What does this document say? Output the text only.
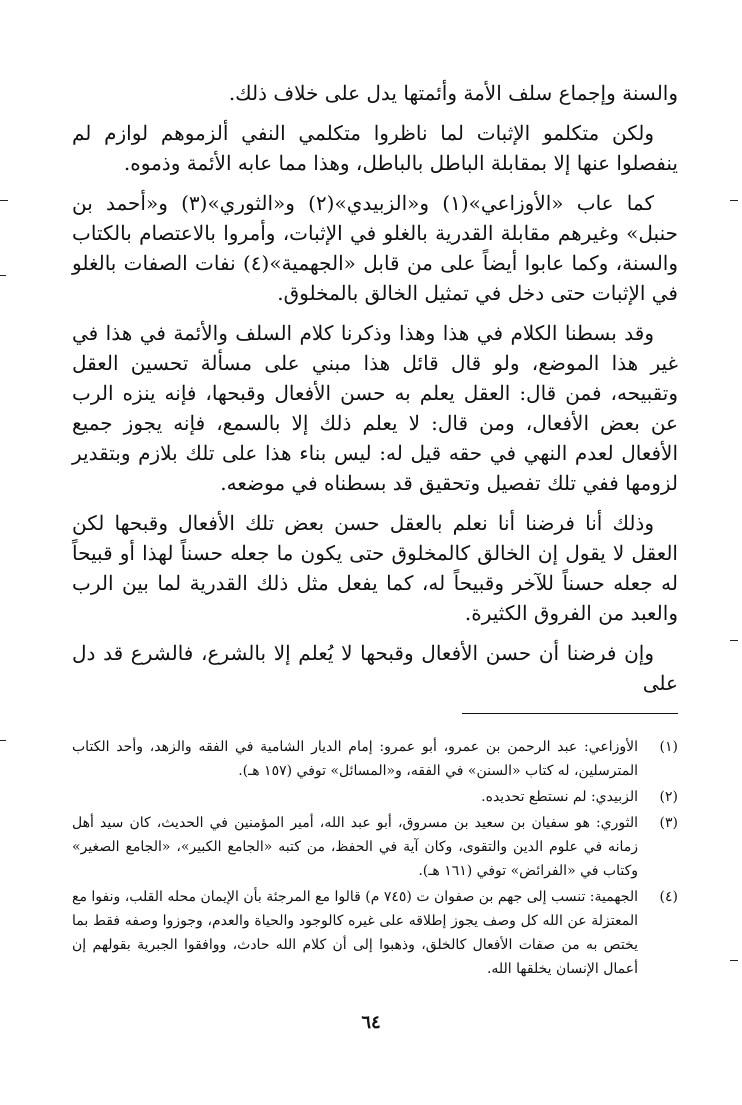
والسنة وإجماع سلف الأمة وأئمتها يدل على خلاف ذلك.

ولكن متكلمو الإثبات لما ناظروا متكلمي النفي ألزموهم لوازم لم ينفصلوا عنها إلا بمقابلة الباطل بالباطل، وهذا مما عابه الأئمة وذموه.

كما عاب «الأوزاعي»(١) و«الزبيدي»(٢) و«الثوري»(٣) و«أحمد بن حنبل» وغيرهم مقابلة القدرية بالغلو في الإثبات، وأمروا بالاعتصام بالكتاب والسنة، وكما عابوا أيضاً على من قابل «الجهمية»(٤) نفات الصفات بالغلو في الإثبات حتى دخل في تمثيل الخالق بالمخلوق.

وقد بسطنا الكلام في هذا وهذا وذكرنا كلام السلف والأئمة في هذا في غير هذا الموضع، ولو قال قائل هذا مبني على مسألة تحسين العقل وتقبيحه، فمن قال: العقل يعلم به حسن الأفعال وقبحها، فإنه ينزه الرب عن بعض الأفعال، ومن قال: لا يعلم ذلك إلا بالسمع، فإنه يجوز جميع الأفعال لعدم النهي في حقه قيل له: ليس بناء هذا على تلك بلازم وبتقدير لزومها ففي تلك تفصيل وتحقيق قد بسطناه في موضعه.

وذلك أنا فرضنا أنا نعلم بالعقل حسن بعض تلك الأفعال وقبحها لكن العقل لا يقول إن الخالق كالمخلوق حتى يكون ما جعله حسناً لهذا أو قبيحاً له جعله حسناً للآخر وقبيحاً له، كما يفعل مثل ذلك القدرية لما بين الرب والعبد من الفروق الكثيرة.

وإن فرضنا أن حسن الأفعال وقبحها لا يُعلم إلا بالشرع، فالشرع قد دل على

(١)
الأوزاعي: عبد الرحمن بن عمرو، أبو عمرو: إمام الديار الشامية في الفقه والزهد، وأحد الكتاب المترسلين، له كتاب «السنن» في الفقه، و«المسائل» توفي (١٥٧ هـ).
(٢)
الزبيدي: لم نستطع تحديده.
(٣)
الثوري: هو سفيان بن سعيد بن مسروق، أبو عبد الله، أمير المؤمنين في الحديث، كان سيد أهل زمانه في علوم الدين والتقوى، وكان آية في الحفظ، من كتبه «الجامع الكبير»، «الجامع الصغير» وكتاب في «الفرائض» توفي (١٦١ هـ).
(٤)
الجهمية: تنسب إلى جهم بن صفوان ت (٧٤٥ م) قالوا مع المرجئة بأن الإيمان محله القلب، ونفوا مع المعتزلة عن الله كل وصف يجوز إطلاقه على غيره كالوجود والحياة والعدم، وجوزوا وصفه فقط بما يختص به من صفات الأفعال كالخلق، وذهبوا إلى أن كلام الله حادث، ووافقوا الجبرية بقولهم إن أعمال الإنسان يخلقها الله.
٦٤
